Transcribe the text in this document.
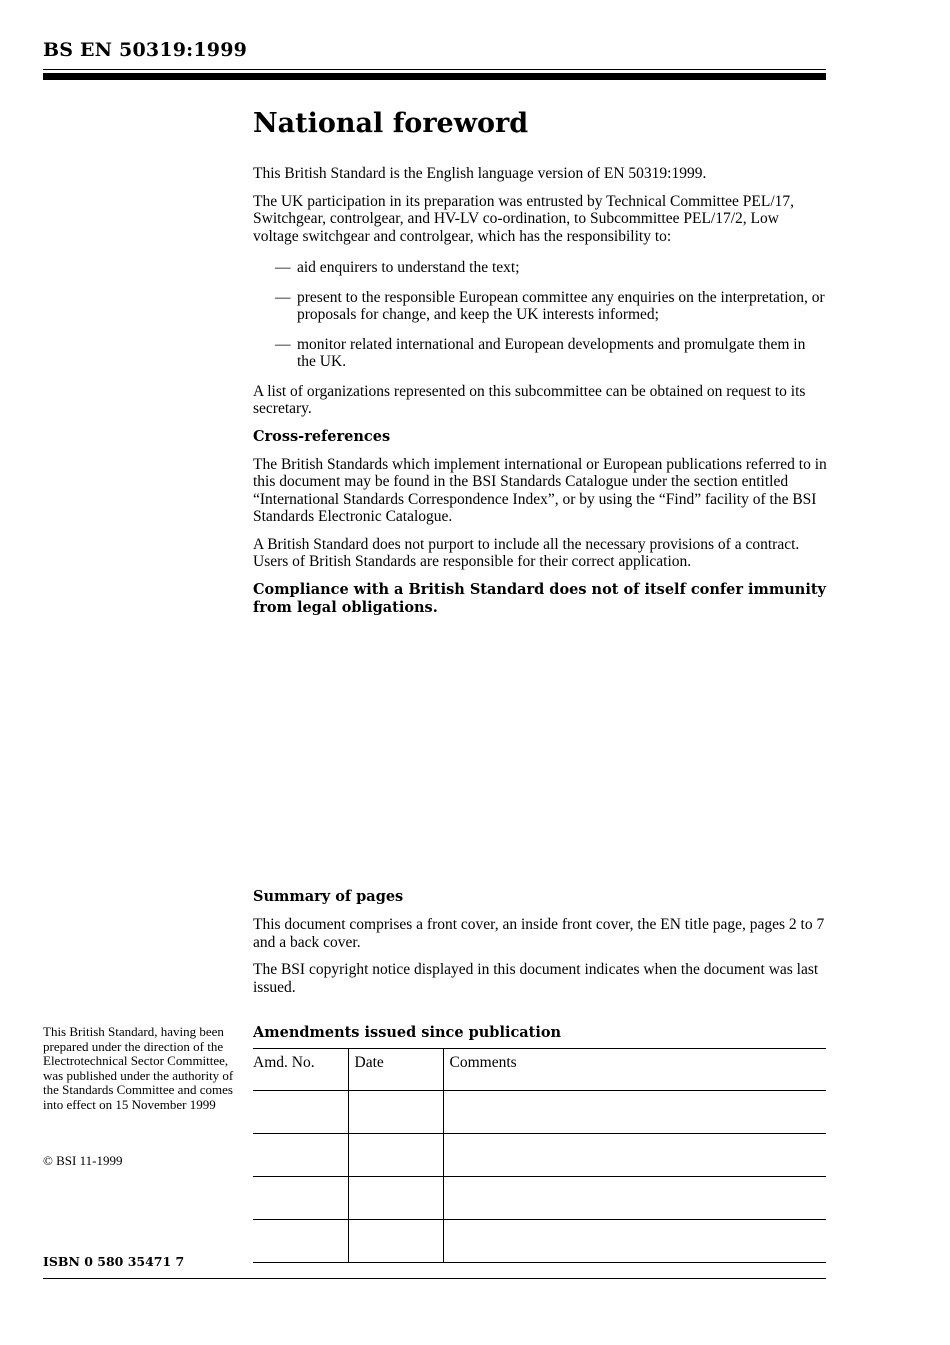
BS EN 50319:1999
National foreword

This British Standard is the English language version of EN 50319:1999.

The UK participation in its preparation was entrusted by Technical Committee PEL/17, Switchgear, controlgear, and HV-LV co-ordination, to Subcommittee PEL/17/2, Low voltage switchgear and controlgear, which has the responsibility to:

— aid enquirers to understand the text;
— present to the responsible European committee any enquiries on the interpretation, or proposals for change, and keep the UK interests informed;
— monitor related international and European developments and promulgate them in the UK.

A list of organizations represented on this subcommittee can be obtained on request to its secretary.

Cross-references

The British Standards which implement international or European publications referred to in this document may be found in the BSI Standards Catalogue under the section entitled “International Standards Correspondence Index”, or by using the “Find” facility of the BSI Standards Electronic Catalogue.

A British Standard does not purport to include all the necessary provisions of a contract. Users of British Standards are responsible for their correct application.

Compliance with a British Standard does not of itself confer immunity from legal obligations.

Summary of pages

This document comprises a front cover, an inside front cover, the EN title page, pages 2 to 7 and a back cover.

The BSI copyright notice displayed in this document indicates when the document was last issued.

This British Standard, having been prepared under the direction of the Electrotechnical Sector Committee, was published under the authority of the Standards Committee and comes into effect on 15 November 1999
© BSI 11-1999
ISBN 0 580 35471 7
Amendments issued since publication
Amd. No.	Date	Comments
